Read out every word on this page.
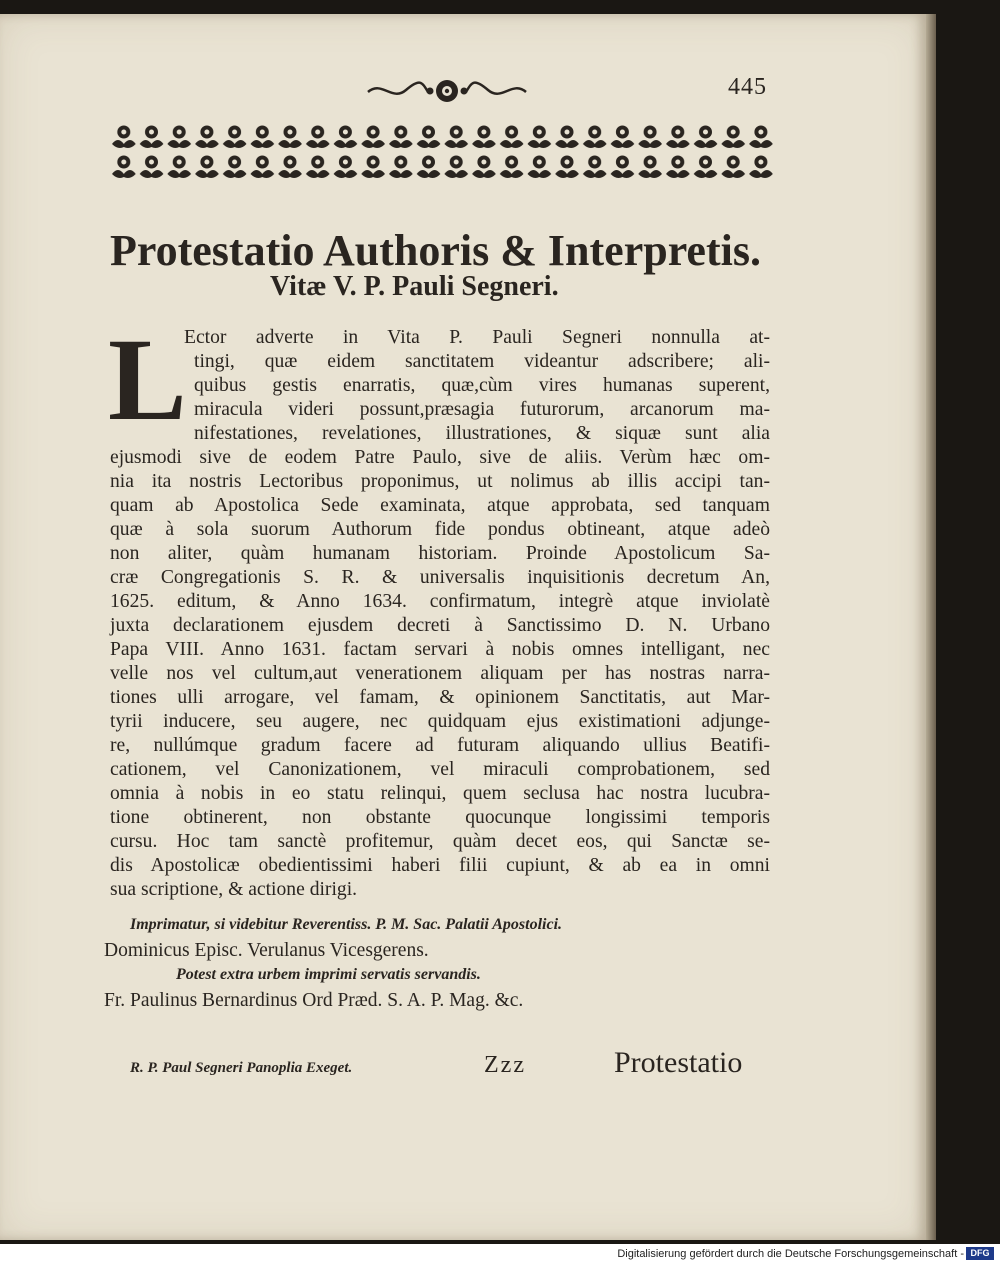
445
Protestatio Authoris & Interpretis.
Vitæ V. P. Pauli Segneri.
L
Ector adverte in Vita P. Pauli Segneri nonnulla at-
tingi, quæ eidem sanctitatem videantur adscribere; ali-
quibus gestis enarratis, quæ,cùm vires humanas superent,
miracula videri possunt,præsagia futurorum, arcanorum ma-
nifestationes, revelationes, illustrationes, & siquæ sunt alia
ejusmodi sive de eodem Patre Paulo, sive de aliis. Verùm hæc om-
nia ita nostris Lectoribus proponimus, ut nolimus ab illis accipi tan-
quam ab Apostolica Sede examinata, atque approbata, sed tanquam
quæ à sola suorum Authorum fide pondus obtineant, atque adeò
non aliter, quàm humanam historiam. Proinde Apostolicum Sa-
cræ Congregationis S. R. & universalis inquisitionis decretum An,
1625. editum, & Anno 1634. confirmatum, integrè atque inviolatè
juxta declarationem ejusdem decreti à Sanctissimo D. N. Urbano
Papa VIII. Anno 1631. factam servari à nobis omnes intelligant, nec
velle nos vel cultum,aut venerationem aliquam per has nostras narra-
tiones ulli arrogare, vel famam, & opinionem Sanctitatis, aut Mar-
tyrii inducere, seu augere, nec quidquam ejus existimationi adjunge-
re, nullúmque gradum facere ad futuram aliquando ullius Beatifi-
cationem, vel Canonizationem, vel miraculi comprobationem, sed
omnia à nobis in eo statu relinqui, quem seclusa hac nostra lucubra-
tione obtinerent, non obstante quocunque longissimi temporis
cursu. Hoc tam sanctè profitemur, quàm decet eos, qui Sanctæ se-
dis Apostolicæ obedientissimi haberi filii cupiunt, & ab ea in omni
sua scriptione, & actione dirigi.
Imprimatur, si videbitur Reverentiss. P. M. Sac. Palatii Apostolici.
Dominicus Episc. Verulanus Vicesgerens.
Potest extra urbem imprimi servatis servandis.
Fr. Paulinus Bernardinus Ord Præd. S. A. P. Mag. &c.
R. P. Paul Segneri Panoplia Exeget.	Zzz	Protestatio
Digitalisierung gefördert durch die Deutsche Forschungsgemeinschaft - DFG
